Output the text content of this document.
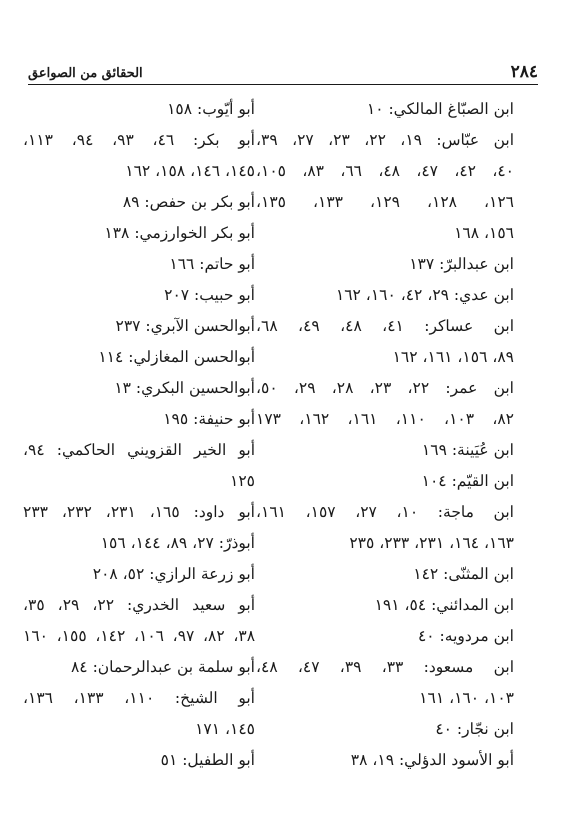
٢٨٤
الحقائق من الصواعق
ابن الصبّاغ المالكي: ١٠
ابن عبّاس: ١٩، ٢٢، ٢٣، ٢٧، ٣٩،
٤٠، ٤٢، ٤٧، ٤٨، ٦٦، ٨٣، ١٠٥،
١٢٦، ١٢٨، ١٢٩، ١٣٣، ١٣٥،
١٥٦، ١٦٨
ابن عبدالبرّ: ١٣٧
ابن عدي: ٢٩، ٤٢، ١٦٠، ١٦٢
ابن عساكر: ٤١، ٤٨، ٤٩، ٦٨،
٨٩، ١٥٦، ١٦١، ١٦٢
ابن عمر: ٢٢، ٢٣، ٢٨، ٢٩، ٥٠،
٨٢، ١٠٣، ١١٠، ١٦١، ١٦٢، ١٧٣
ابن عُيَينة: ١٦٩
ابن القيّم: ١٠٤
ابن ماجة: ١٠، ٢٧، ١٥٧، ١٦١،
١٦٣، ١٦٤، ٢٣١، ٢٣٣، ٢٣٥
ابن المثنّى: ١٤٢
ابن المدائني: ٥٤، ١٩١
ابن مردويه: ٤٠
ابن مسعود: ٣٣، ٣٩، ٤٧، ٤٨،
١٠٣، ١٦٠، ١٦١
ابن نجّار: ٤٠
أبو الأسود الدؤلي: ١٩، ٣٨
أبو أيّوب: ١٥٨
أبو بكر: ٤٦، ٩٣، ٩٤، ١١٣،
١٤٥، ١٤٦، ١٥٨، ١٦٢
أبو بكر بن حفص: ٨٩
أبو بكر الخوارزمي: ١٣٨
أبو حاتم: ١٦٦
أبو حبيب: ٢٠٧
أبوالحسن الآبري: ٢٣٧
أبوالحسن المغازلي: ١١٤
أبوالحسين البكري: ١٣
أبو حنيفة: ١٩٥
أبو الخير القزويني الحاكمي: ٩٤،
١٢٥
أبو داود: ١٦٥، ٢٣١، ٢٣٢، ٢٣٣
أبوذرّ: ٢٧، ٨٩، ١٤٤، ١٥٦
أبو زرعة الرازي: ٥٢، ٢٠٨
أبو سعيد الخدري: ٢٢، ٢٩، ٣٥،
٣٨، ٨٢، ٩٧، ١٠٦، ١٤٢، ١٥٥، ١٦٠
أبو سلمة بن عبدالرحمان: ٨٤
أبو الشيخ: ١١٠، ١٣٣، ١٣٦،
١٤٥، ١٧١
أبو الطفيل: ٥١
